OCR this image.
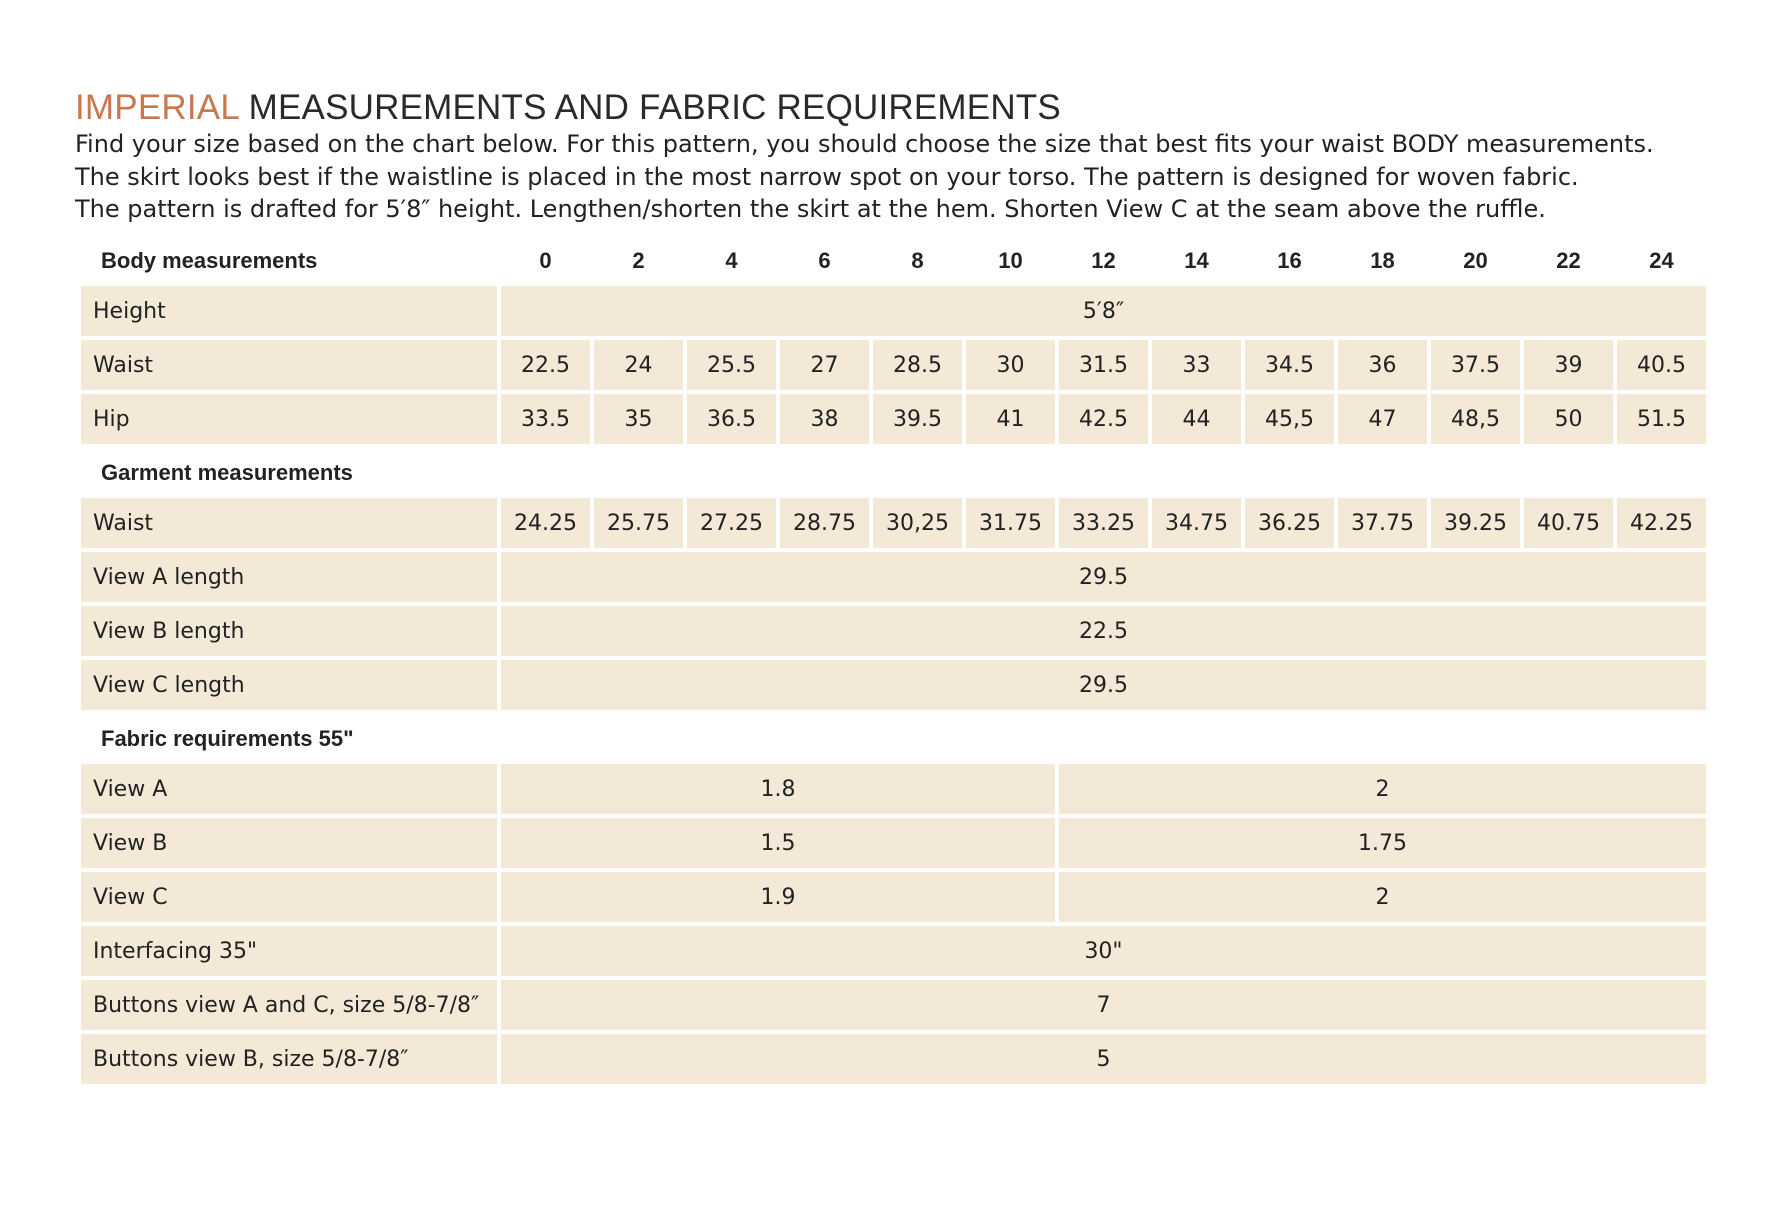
IMPERIAL MEASUREMENTS AND FABRIC REQUIREMENTS
Find your size based on the chart below. For this pattern, you should choose the size that best fits your waist BODY measurements.
The skirt looks best if the waistline is placed in the most narrow spot on your torso. The pattern is designed for woven fabric.
The pattern is drafted for 5′8″ height. Lengthen/shorten the skirt at the hem. Shorten View C at the seam above the ruffle.
Body measurements	0	2	4	6	8	10	12	14	16	18	20	22	24
Height	5′8″												
Waist	22.5	24	25.5	27	28.5	30	31.5	33	34.5	36	37.5	39	40.5
Hip	33.5	35	36.5	38	39.5	41	42.5	44	45,5	47	48,5	50	51.5
Garment measurements													
Waist	24.25	25.75	27.25	28.75	30,25	31.75	33.25	34.75	36.25	37.75	39.25	40.75	42.25
View A length	29.5												
View B length	22.5												
View C length	29.5												
Fabric requirements 55"													
View A	1.8						2						
View B	1.5						1.75						
View C	1.9						2						
Interfacing 35"	30"												
Buttons view A and C, size 5/8-7/8″	7												
Buttons view B, size 5/8-7/8″	5												
